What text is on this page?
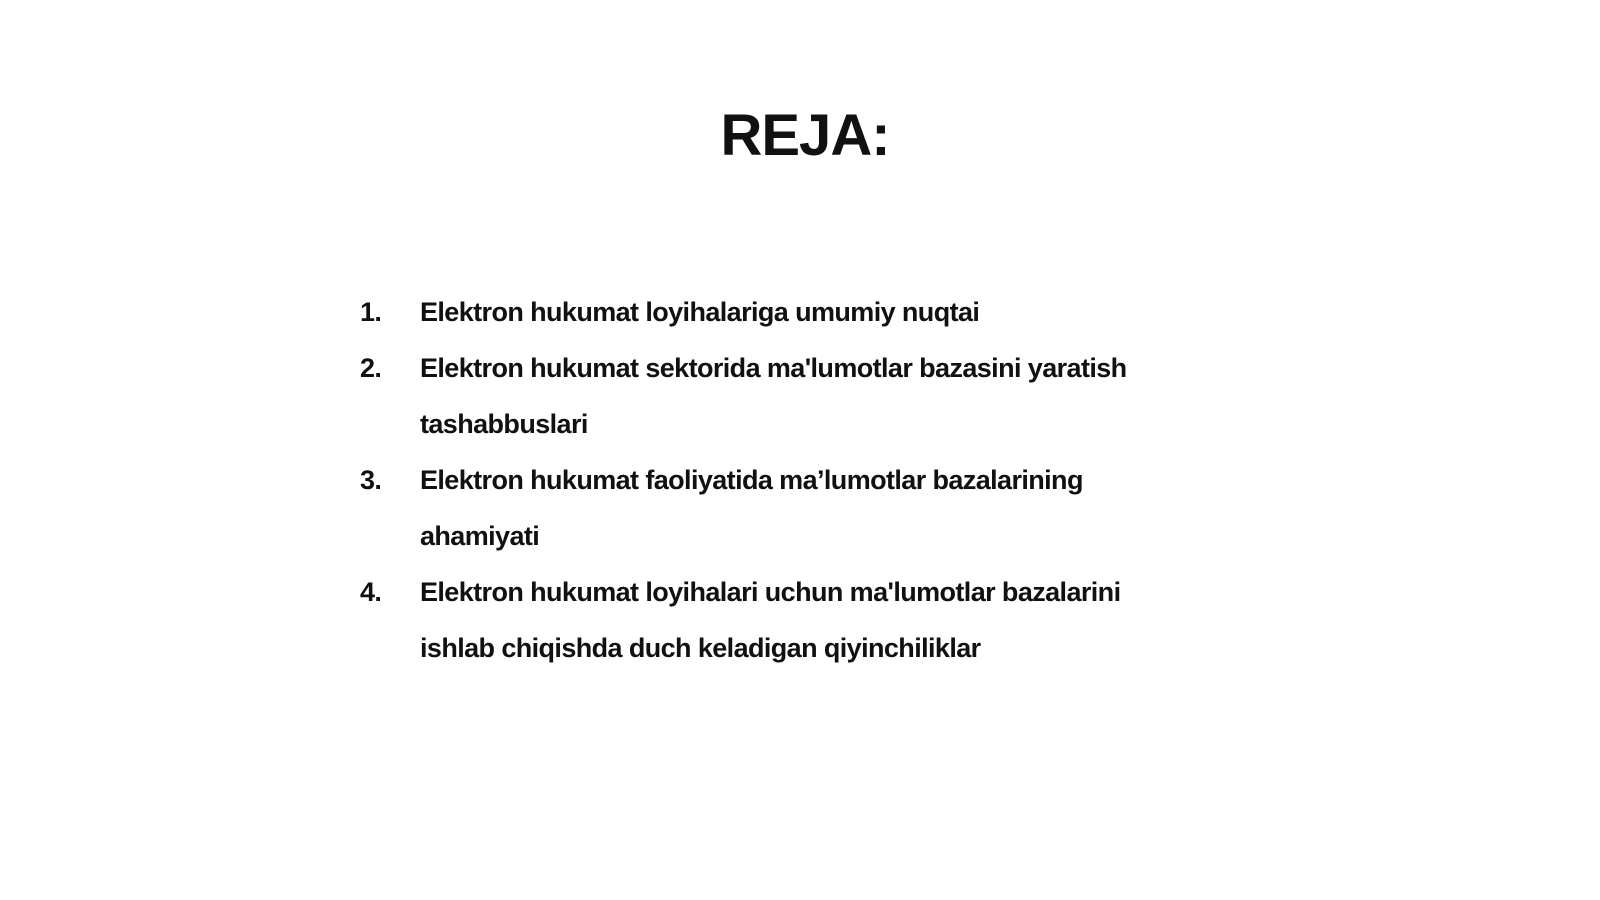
REJA:
1.	Elektron hukumat loyihalariga umumiy nuqtai
2.	Elektron hukumat sektorida ma'lumotlar bazasini yaratish tashabbuslari
3.	Elektron hukumat faoliyatida ma’lumotlar bazalarining ahamiyati
4.	Elektron hukumat loyihalari uchun ma'lumotlar bazalarini ishlab chiqishda duch keladigan qiyinchiliklar
